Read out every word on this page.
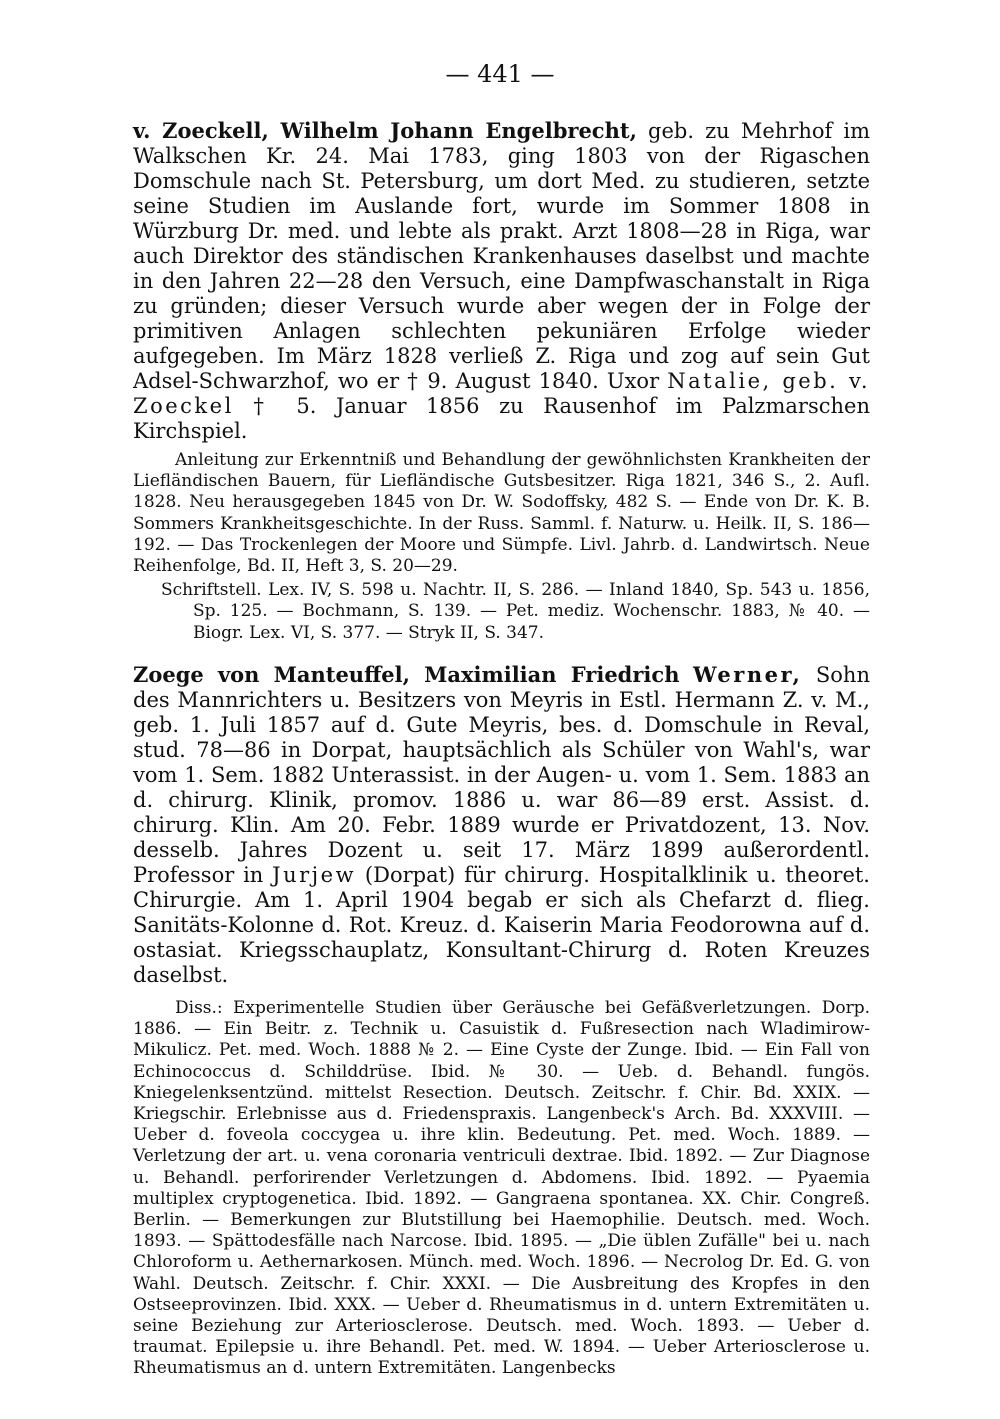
— 441 —
v. Zoeckell, Wilhelm Johann Engelbrecht, geb. zu Mehrhof im Walkschen Kr. 24. Mai 1783, ging 1803 von der Rigaschen Domschule nach St. Petersburg, um dort Med. zu studieren, setzte seine Studien im Auslande fort, wurde im Sommer 1808 in Würzburg Dr. med. und lebte als prakt. Arzt 1808—28 in Riga, war auch Direktor des ständischen Krankenhauses daselbst und machte in den Jahren 22—28 den Versuch, eine Dampfwaschanstalt in Riga zu gründen; dieser Versuch wurde aber wegen der in Folge der primitiven Anlagen schlechten pekuniären Erfolge wieder aufgegeben. Im März 1828 verließ Z. Riga und zog auf sein Gut Adsel-Schwarzhof, wo er † 9. August 1840. Uxor Natalie, geb. v. Zoeckel † 5. Januar 1856 zu Rausenhof im Palzmarschen Kirchspiel.
Anleitung zur Erkenntniß und Behandlung der gewöhnlichsten Krankheiten der Liefländischen Bauern, für Liefländische Gutsbesitzer. Riga 1821, 346 S., 2. Aufl. 1828. Neu herausgegeben 1845 von Dr. W. Sodoffsky, 482 S. — Ende von Dr. K. B. Sommers Krankheitsgeschichte. In der Russ. Samml. f. Naturw. u. Heilk. II, S. 186—192. — Das Trockenlegen der Moore und Sümpfe. Livl. Jahrb. d. Landwirtsch. Neue Reihenfolge, Bd. II, Heft 3, S. 20—29.
Schriftstell. Lex. IV, S. 598 u. Nachtr. II, S. 286. — Inland 1840, Sp. 543 u. 1856, Sp. 125. — Bochmann, S. 139. — Pet. mediz. Wochenschr. 1883, № 40. — Biogr. Lex. VI, S. 377. — Stryk II, S. 347.
Zoege von Manteuffel, Maximilian Friedrich Werner, Sohn des Mannrichters u. Besitzers von Meyris in Estl. Hermann Z. v. M., geb. 1. Juli 1857 auf d. Gute Meyris, bes. d. Domschule in Reval, stud. 78—86 in Dorpat, hauptsächlich als Schüler von Wahl's, war vom 1. Sem. 1882 Unterassist. in der Augen- u. vom 1. Sem. 1883 an d. chirurg. Klinik, promov. 1886 u. war 86—89 erst. Assist. d. chirurg. Klin. Am 20. Febr. 1889 wurde er Privatdozent, 13. Nov. desselb. Jahres Dozent u. seit 17. März 1899 außerordentl. Professor in Jurjew (Dorpat) für chirurg. Hospitalklinik u. theoret. Chirurgie. Am 1. April 1904 begab er sich als Chefarzt d. flieg. Sanitäts-Kolonne d. Rot. Kreuz. d. Kaiserin Maria Feodorowna auf d. ostasiat. Kriegsschauplatz, Konsultant-Chirurg d. Roten Kreuzes daselbst.
Diss.: Experimentelle Studien über Geräusche bei Gefäßverletzungen. Dorp. 1886. — Ein Beitr. z. Technik u. Casuistik d. Fußresection nach Wladimirow-Mikulicz. Pet. med. Woch. 1888 № 2. — Eine Cyste der Zunge. Ibid. — Ein Fall von Echinococcus d. Schilddrüse. Ibid. № 30. — Ueb. d. Behandl. fungös. Kniegelenksentzünd. mittelst Resection. Deutsch. Zeitschr. f. Chir. Bd. XXIX. — Kriegschir. Erlebnisse aus d. Friedenspraxis. Langenbeck's Arch. Bd. XXXVIII. — Ueber d. foveola coccygea u. ihre klin. Bedeutung. Pet. med. Woch. 1889. — Verletzung der art. u. vena coronaria ventriculi dextrae. Ibid. 1892. — Zur Diagnose u. Behandl. perforirender Verletzungen d. Abdomens. Ibid. 1892. — Pyaemia multiplex cryptogenetica. Ibid. 1892. — Gangraena spontanea. XX. Chir. Congreß. Berlin. — Bemerkungen zur Blutstillung bei Haemophilie. Deutsch. med. Woch. 1893. — Spättodesfälle nach Narcose. Ibid. 1895. — „Die üblen Zufälle" bei u. nach Chloroform u. Aethernarkosen. Münch. med. Woch. 1896. — Necrolog Dr. Ed. G. von Wahl. Deutsch. Zeitschr. f. Chir. XXXI. — Die Ausbreitung des Kropfes in den Ostseeprovinzen. Ibid. XXX. — Ueber d. Rheumatismus in d. untern Extremitäten u. seine Beziehung zur Arteriosclerose. Deutsch. med. Woch. 1893. — Ueber d. traumat. Epilepsie u. ihre Behandl. Pet. med. W. 1894. — Ueber Arteriosclerose u. Rheumatismus an d. untern Extremitäten. Langenbecks
